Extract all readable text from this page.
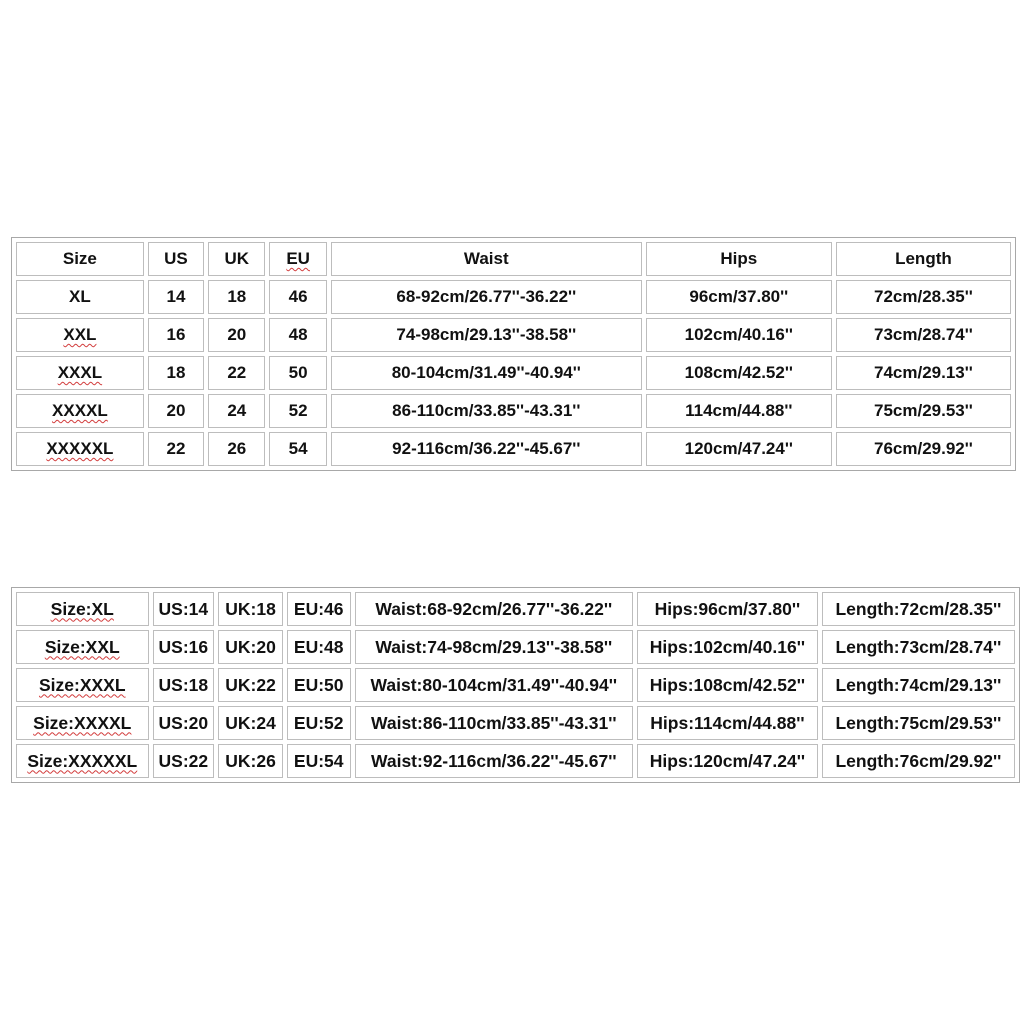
Size	US	UK	EU	Waist	Hips	Length
XL	14	18	46	68-92cm/26.77''-36.22''	96cm/37.80''	72cm/28.35''
XXL	16	20	48	74-98cm/29.13''-38.58''	102cm/40.16''	73cm/28.74''
XXXL	18	22	50	80-104cm/31.49''-40.94''	108cm/42.52''	74cm/29.13''
XXXXL	20	24	52	86-110cm/33.85''-43.31''	114cm/44.88''	75cm/29.53''
XXXXXL	22	26	54	92-116cm/36.22''-45.67''	120cm/47.24''	76cm/29.92''
Size:XL	US:14	UK:18	EU:46	Waist:68-92cm/26.77''-36.22''	Hips:96cm/37.80''	Length:72cm/28.35''
Size:XXL	US:16	UK:20	EU:48	Waist:74-98cm/29.13''-38.58''	Hips:102cm/40.16''	Length:73cm/28.74''
Size:XXXL	US:18	UK:22	EU:50	Waist:80-104cm/31.49''-40.94''	Hips:108cm/42.52''	Length:74cm/29.13''
Size:XXXXL	US:20	UK:24	EU:52	Waist:86-110cm/33.85''-43.31''	Hips:114cm/44.88''	Length:75cm/29.53''
Size:XXXXXL	US:22	UK:26	EU:54	Waist:92-116cm/36.22''-45.67''	Hips:120cm/47.24''	Length:76cm/29.92''
